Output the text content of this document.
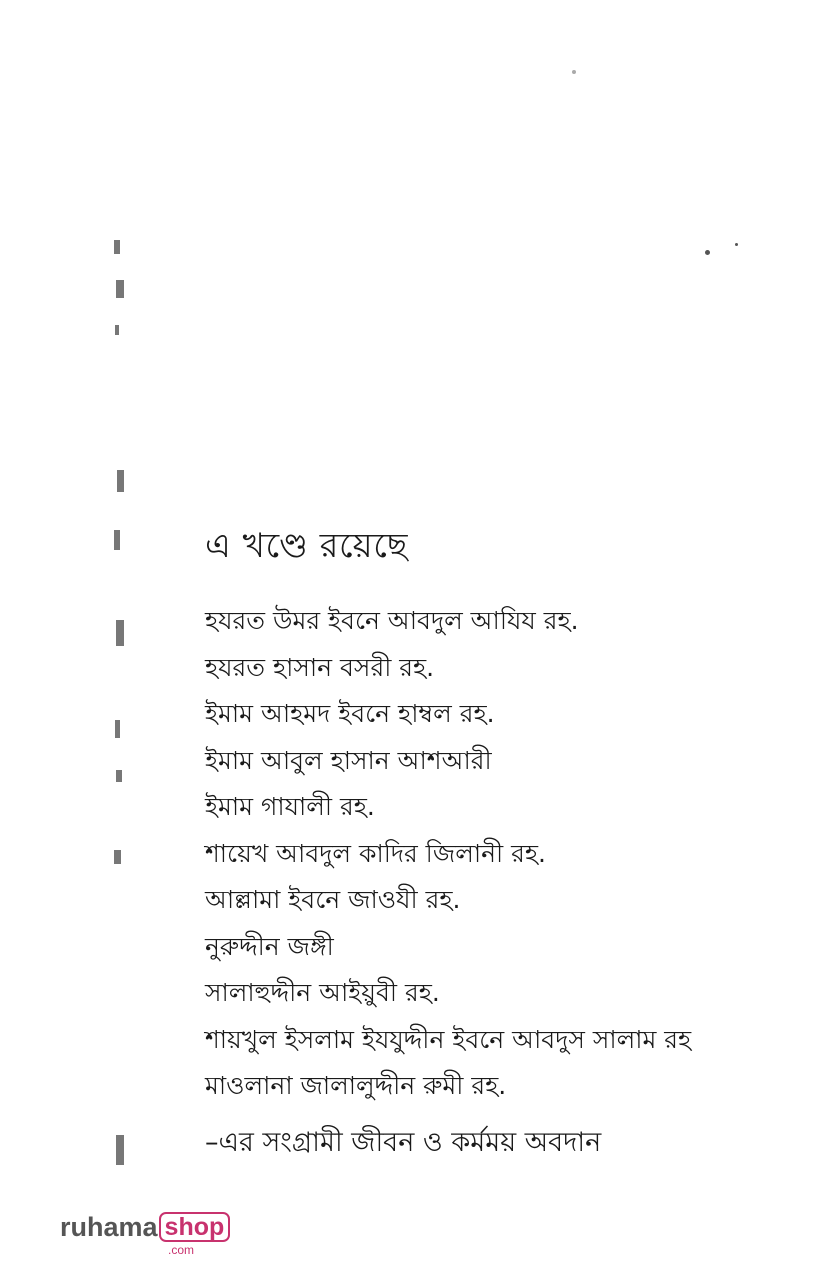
এ খণ্ডে রয়েছে
হযরত উমর ইবনে আবদুল আযিয রহ.
হযরত হাসান বসরী রহ.
ইমাম আহমদ ইবনে হাম্বল রহ.
ইমাম আবুল হাসান আশআরী
ইমাম গাযালী রহ.
শায়েখ আবদুল কাদির জিলানী রহ.
আল্লামা ইবনে জাওযী রহ.
নুরুদ্দীন জঙ্গী
সালাহুদ্দীন আইয়ুবী রহ.
শায়খুল ইসলাম ইযযুদ্দীন ইবনে আবদুস সালাম রহ
মাওলানা জালালুদ্দীন রুমী রহ.
–এর সংগ্রামী জীবন ও কর্মময় অবদান
ruhama shop
.com
